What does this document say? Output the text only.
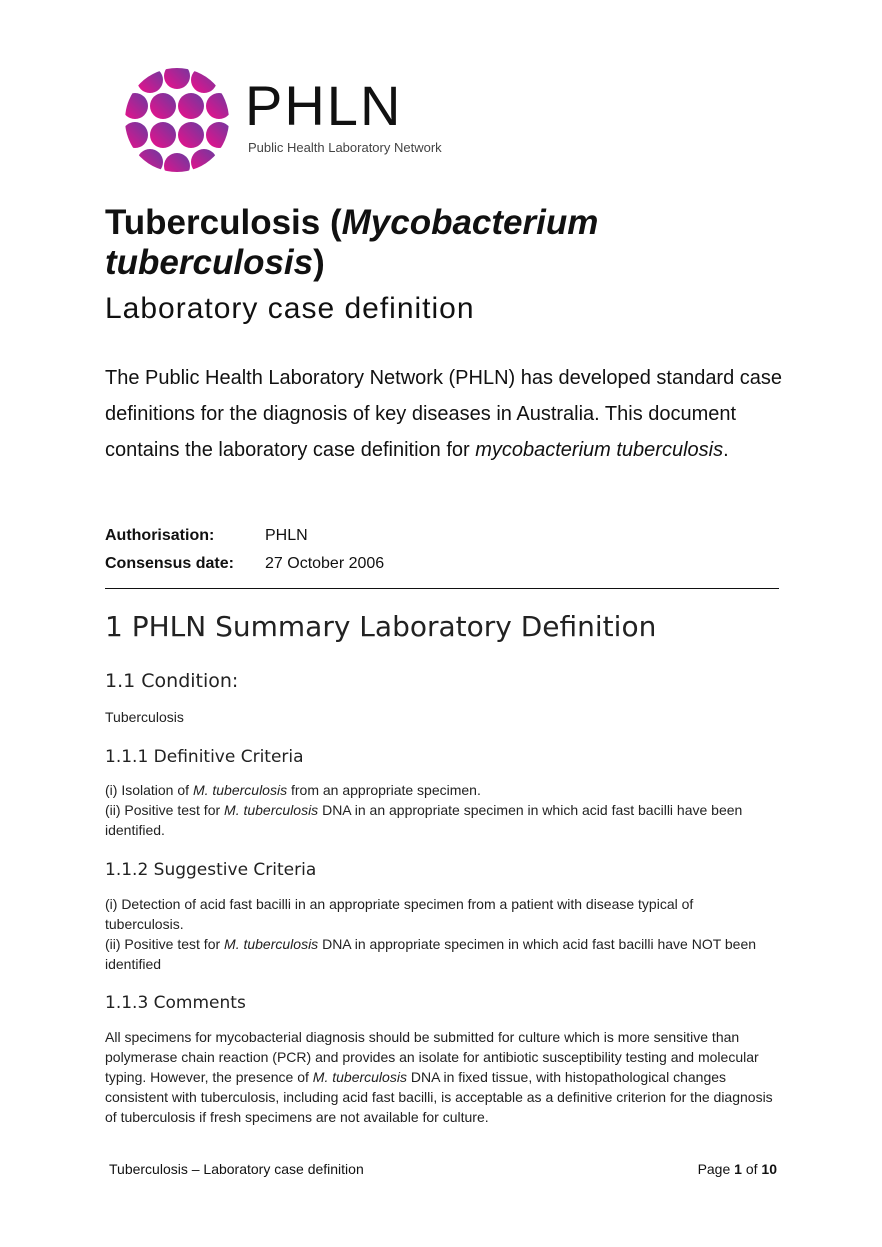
PHLN
Public Health Laboratory Network
Tuberculosis (Mycobacterium tuberculosis)
Laboratory case definition
The Public Health Laboratory Network (PHLN) has developed standard case definitions for the diagnosis of key diseases in Australia. This document contains the laboratory case definition for mycobacterium tuberculosis.
Authorisation:	PHLN
Consensus date: 27 October 2006
1 PHLN Summary Laboratory Definition
1.1 Condition:
Tuberculosis
1.1.1 Definitive Criteria
(i) Isolation of M. tuberculosis from an appropriate specimen.
(ii) Positive test for M. tuberculosis DNA in an appropriate specimen in which acid fast bacilli have been identified.
1.1.2 Suggestive Criteria
(i) Detection of acid fast bacilli in an appropriate specimen from a patient with disease typical of tuberculosis.
(ii) Positive test for M. tuberculosis DNA in appropriate specimen in which acid fast bacilli have NOT been identified
1.1.3 Comments
All specimens for mycobacterial diagnosis should be submitted for culture which is more sensitive than polymerase chain reaction (PCR) and provides an isolate for antibiotic susceptibility testing and molecular typing. However, the presence of M. tuberculosis DNA in fixed tissue, with histopathological changes consistent with tuberculosis, including acid fast bacilli, is acceptable as a definitive criterion for the diagnosis of tuberculosis if fresh specimens are not available for culture.
Tuberculosis – Laboratory case definition	Page 1 of 10
